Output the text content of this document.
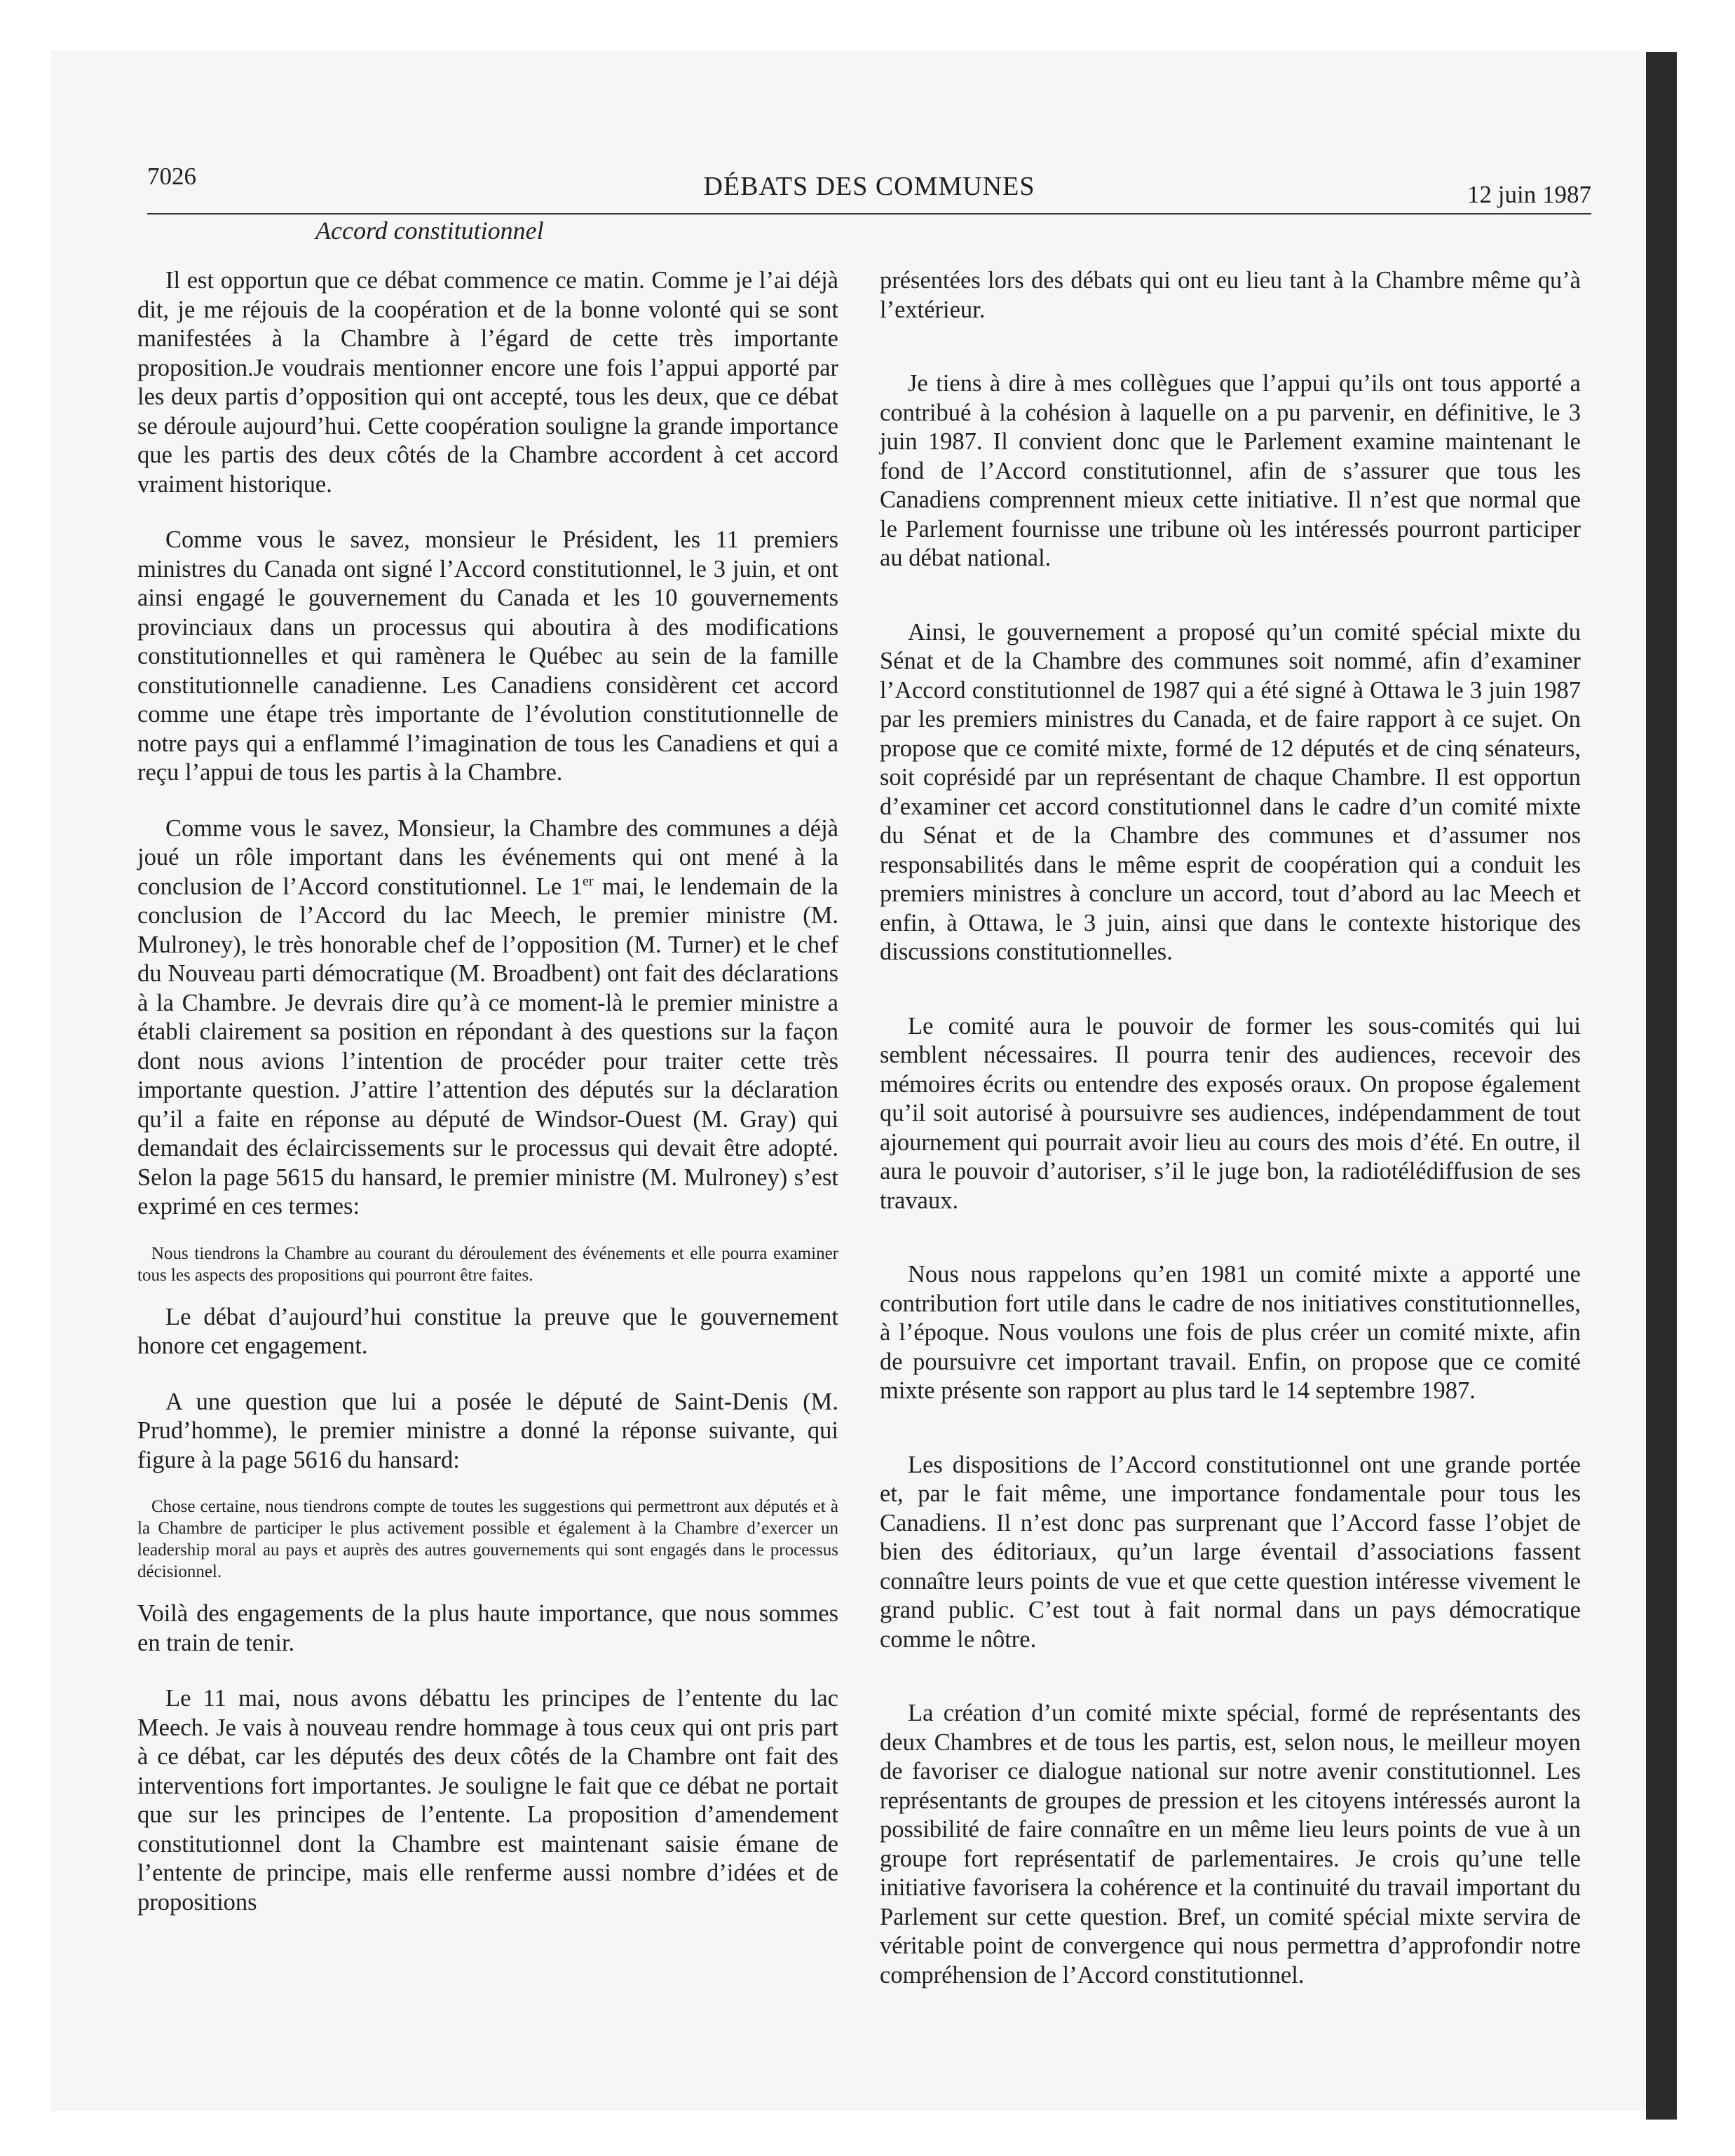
7026	DÉBATS DES COMMUNES	12 juin 1987
Accord constitutionnel

Il est opportun que ce débat commence ce matin. Comme je l’ai déjà dit, je me réjouis de la coopération et de la bonne volonté qui se sont manifestées à la Chambre à l’égard de cette très importante proposition.Je voudrais mentionner encore une fois l’appui apporté par les deux partis d’opposition qui ont accepté, tous les deux, que ce débat se déroule aujourd’hui. Cette coopération souligne la grande importance que les partis des deux côtés de la Chambre accordent à cet accord vraiment historique.

Comme vous le savez, monsieur le Président, les 11 premiers ministres du Canada ont signé l’Accord constitutionnel, le 3 juin, et ont ainsi engagé le gouvernement du Canada et les 10 gouvernements provinciaux dans un processus qui aboutira à des modifications constitutionnelles et qui ramènera le Québec au sein de la famille constitutionnelle canadienne. Les Canadiens considèrent cet accord comme une étape très importante de l’évolution constitutionnelle de notre pays qui a enflammé l’imagination de tous les Canadiens et qui a reçu l’appui de tous les partis à la Chambre.

Comme vous le savez, Monsieur, la Chambre des communes a déjà joué un rôle important dans les événements qui ont mené à la conclusion de l’Accord constitutionnel. Le 1er mai, le lendemain de la conclusion de l’Accord du lac Meech, le premier ministre (M. Mulroney), le très honorable chef de l’opposition (M. Turner) et le chef du Nouveau parti démocratique (M. Broadbent) ont fait des déclarations à la Chambre. Je devrais dire qu’à ce moment-là le premier ministre a établi clairement sa position en répondant à des questions sur la façon dont nous avions l’intention de procéder pour traiter cette très importante question. J’attire l’attention des députés sur la déclaration qu’il a faite en réponse au député de Windsor-Ouest (M. Gray) qui demandait des éclaircissements sur le processus qui devait être adopté. Selon la page 5615 du hansard, le premier ministre (M. Mulroney) s’est exprimé en ces termes:

Nous tiendrons la Chambre au courant du déroulement des événements et elle pourra examiner tous les aspects des propositions qui pourront être faites.

Le débat d’aujourd’hui constitue la preuve que le gouvernement honore cet engagement.

A une question que lui a posée le député de Saint-Denis (M. Prud’homme), le premier ministre a donné la réponse suivante, qui figure à la page 5616 du hansard:

Chose certaine, nous tiendrons compte de toutes les suggestions qui permettront aux députés et à la Chambre de participer le plus activement possible et également à la Chambre d’exercer un leadership moral au pays et auprès des autres gouvernements qui sont engagés dans le processus décisionnel.

Voilà des engagements de la plus haute importance, que nous sommes en train de tenir.

Le 11 mai, nous avons débattu les principes de l’entente du lac Meech. Je vais à nouveau rendre hommage à tous ceux qui ont pris part à ce débat, car les députés des deux côtés de la Chambre ont fait des interventions fort importantes. Je souligne le fait que ce débat ne portait que sur les principes de l’entente. La proposition d’amendement constitutionnel dont la Chambre est maintenant saisie émane de l’entente de principe, mais elle renferme aussi nombre d’idées et de propositions

présentées lors des débats qui ont eu lieu tant à la Chambre même qu’à l’extérieur.

Je tiens à dire à mes collègues que l’appui qu’ils ont tous apporté a contribué à la cohésion à laquelle on a pu parvenir, en définitive, le 3 juin 1987. Il convient donc que le Parlement examine maintenant le fond de l’Accord constitutionnel, afin de s’assurer que tous les Canadiens comprennent mieux cette initiative. Il n’est que normal que le Parlement fournisse une tribune où les intéressés pourront participer au débat national.

Ainsi, le gouvernement a proposé qu’un comité spécial mixte du Sénat et de la Chambre des communes soit nommé, afin d’examiner l’Accord constitutionnel de 1987 qui a été signé à Ottawa le 3 juin 1987 par les premiers ministres du Canada, et de faire rapport à ce sujet. On propose que ce comité mixte, formé de 12 députés et de cinq sénateurs, soit coprésidé par un représentant de chaque Chambre. Il est opportun d’examiner cet accord constitutionnel dans le cadre d’un comité mixte du Sénat et de la Chambre des communes et d’assumer nos responsabilités dans le même esprit de coopération qui a conduit les premiers ministres à conclure un accord, tout d’abord au lac Meech et enfin, à Ottawa, le 3 juin, ainsi que dans le contexte historique des discussions constitutionnelles.

Le comité aura le pouvoir de former les sous-comités qui lui semblent nécessaires. Il pourra tenir des audiences, recevoir des mémoires écrits ou entendre des exposés oraux. On propose également qu’il soit autorisé à poursuivre ses audiences, indépendamment de tout ajournement qui pourrait avoir lieu au cours des mois d’été. En outre, il aura le pouvoir d’autoriser, s’il le juge bon, la radiotélédiffusion de ses travaux.

Nous nous rappelons qu’en 1981 un comité mixte a apporté une contribution fort utile dans le cadre de nos initiatives constitutionnelles, à l’époque. Nous voulons une fois de plus créer un comité mixte, afin de poursuivre cet important travail. Enfin, on propose que ce comité mixte présente son rapport au plus tard le 14 septembre 1987.

Les dispositions de l’Accord constitutionnel ont une grande portée et, par le fait même, une importance fondamentale pour tous les Canadiens. Il n’est donc pas surprenant que l’Accord fasse l’objet de bien des éditoriaux, qu’un large éventail d’associations fassent connaître leurs points de vue et que cette question intéresse vivement le grand public. C’est tout à fait normal dans un pays démocratique comme le nôtre.

La création d’un comité mixte spécial, formé de représentants des deux Chambres et de tous les partis, est, selon nous, le meilleur moyen de favoriser ce dialogue national sur notre avenir constitutionnel. Les représentants de groupes de pression et les citoyens intéressés auront la possibilité de faire connaître en un même lieu leurs points de vue à un groupe fort représentatif de parlementaires. Je crois qu’une telle initiative favorisera la cohérence et la continuité du travail important du Parlement sur cette question. Bref, un comité spécial mixte servira de véritable point de convergence qui nous permettra d’approfondir notre compréhension de l’Accord constitutionnel.
